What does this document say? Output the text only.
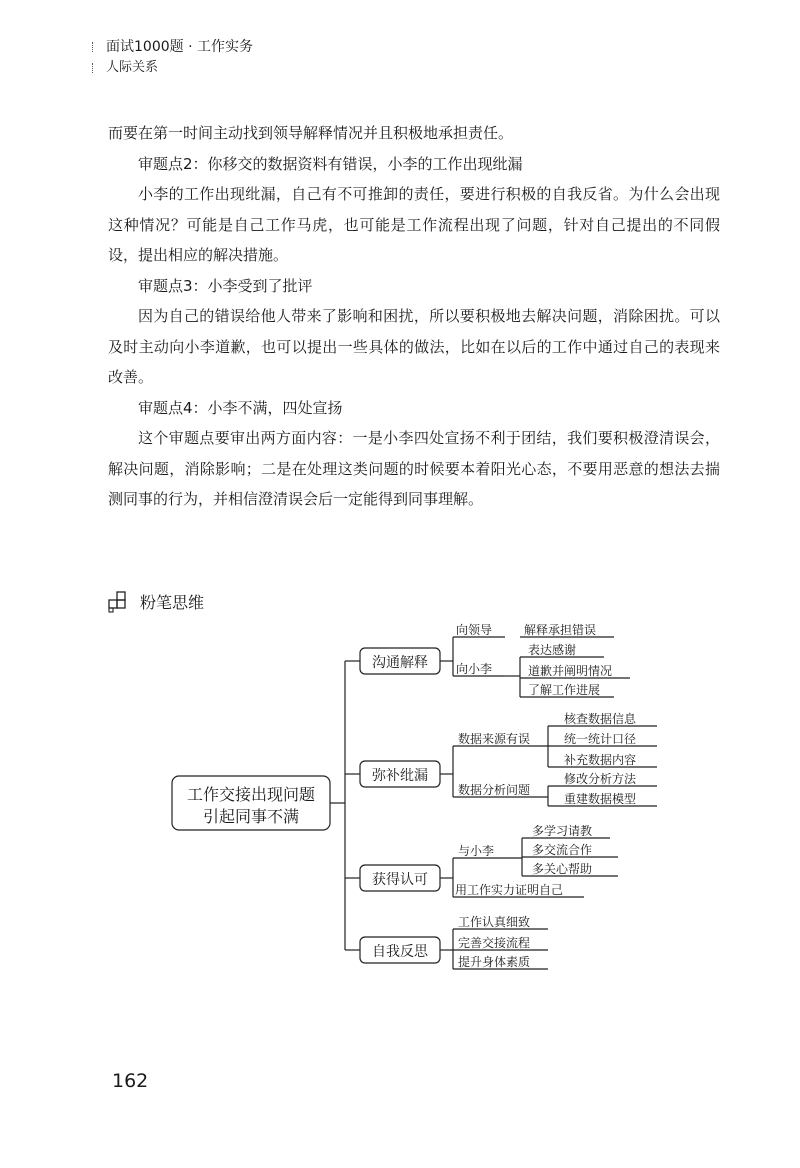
面试1000题 · 工作实务
人际关系

而要在第一时间主动找到领导解释情况并且积极地承担责任。

审题点2：你移交的数据资料有错误，小李的工作出现纰漏

小李的工作出现纰漏，自己有不可推卸的责任，要进行积极的自我反省。为什么会出现这种情况？可能是自己工作马虎，也可能是工作流程出现了问题，针对自己提出的不同假设，提出相应的解决措施。

审题点3：小李受到了批评

因为自己的错误给他人带来了影响和困扰，所以要积极地去解决问题，消除困扰。可以及时主动向小李道歉，也可以提出一些具体的做法，比如在以后的工作中通过自己的表现来改善。

审题点4：小李不满，四处宣扬

这个审题点要审出两方面内容：一是小李四处宣扬不利于团结，我们要积极澄清误会，解决问题，消除影响；二是在处理这类问题的时候要本着阳光心态，不要用恶意的想法去揣测同事的行为，并相信澄清误会后一定能得到同事理解。

粉笔思维
工作交接出现问题
引起同事不满
沟通解释
弥补纰漏
获得认可
自我反思
向领导	解释承担错误
向小李
表达感谢
道歉并阐明情况
了解工作进展
数据来源有误
核查数据信息
统一统计口径
补充数据内容
数据分析问题
修改分析方法
重建数据模型
与小李
多学习请教
多交流合作
多关心帮助
用工作实力证明自己
工作认真细致
完善交接流程
提升身体素质
162
